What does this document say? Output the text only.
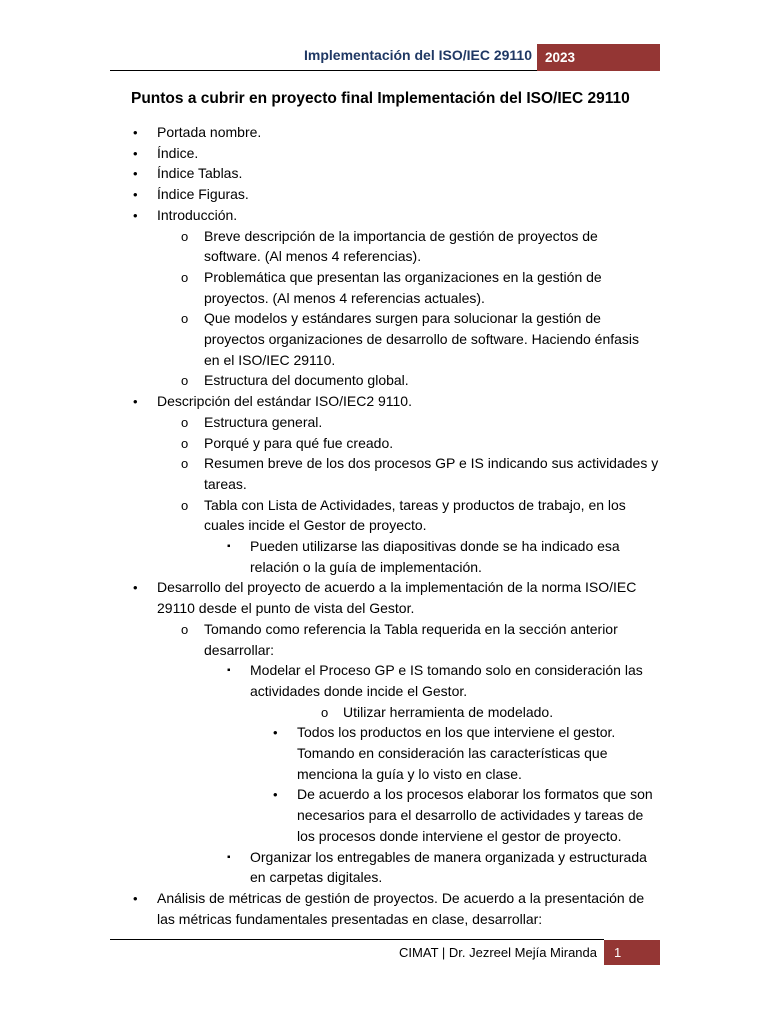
Implementación del ISO/IEC 29110 2023
Puntos a cubrir en proyecto final Implementación del ISO/IEC 29110
• Portada nombre.
• Índice.
• Índice Tablas.
• Índice Figuras.
• Introducción.
o Breve descripción de la importancia de gestión de proyectos de
software. (Al menos 4 referencias).
o Problemática que presentan las organizaciones en la gestión de
proyectos. (Al menos 4 referencias actuales).
o Que modelos y estándares surgen para solucionar la gestión de
proyectos organizaciones de desarrollo de software. Haciendo énfasis
en el ISO/IEC 29110.
o Estructura del documento global.
• Descripción del estándar ISO/IEC2 9110.
o Estructura general.
o Porqué y para qué fue creado.
o Resumen breve de los dos procesos GP e IS indicando sus actividades y
tareas.
o Tabla con Lista de Actividades, tareas y productos de trabajo, en los
cuales incide el Gestor de proyecto.
▪ Pueden utilizarse las diapositivas donde se ha indicado esa
relación o la guía de implementación.
• Desarrollo del proyecto de acuerdo a la implementación de la norma ISO/IEC
29110 desde el punto de vista del Gestor.
o Tomando como referencia la Tabla requerida en la sección anterior
desarrollar:
▪ Modelar el Proceso GP e IS tomando solo en consideración las
actividades donde incide el Gestor.
o Utilizar herramienta de modelado.
• Todos los productos en los que interviene el gestor.
Tomando en consideración las características que
menciona la guía y lo visto en clase.
• De acuerdo a los procesos elaborar los formatos que son
necesarios para el desarrollo de actividades y tareas de
los procesos donde interviene el gestor de proyecto.
▪ Organizar los entregables de manera organizada y estructurada
en carpetas digitales.
• Análisis de métricas de gestión de proyectos. De acuerdo a la presentación de
las métricas fundamentales presentadas en clase, desarrollar:
CIMAT | Dr. Jezreel Mejía Miranda	1
